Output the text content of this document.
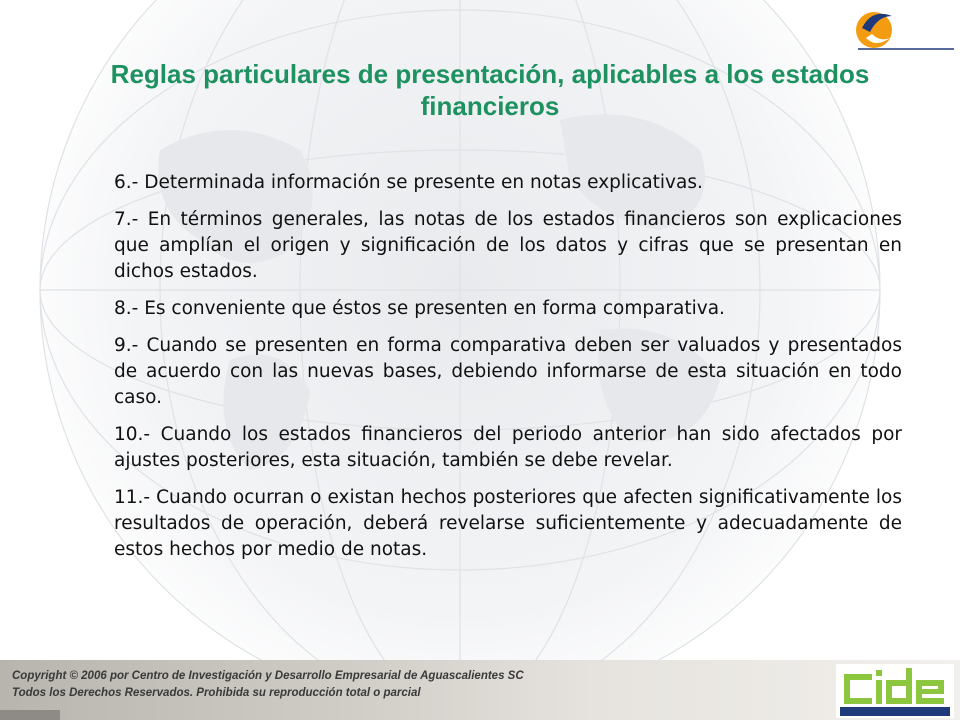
Reglas particulares de presentación, aplicables a los estados financieros

6.- Determinada información se presente en notas explicativas.

7.- En términos generales, las notas de los estados financieros son explicaciones que amplían el origen y significación de los datos y cifras que se presentan en dichos estados.

8.- Es conveniente que éstos se presenten en forma comparativa.

9.- Cuando se presenten en forma comparativa deben ser valuados y presentados de acuerdo con las nuevas bases, debiendo informarse de esta situación en todo caso.

10.- Cuando los estados financieros del periodo anterior han sido afectados por ajustes posteriores, esta situación, también se debe revelar.

11.- Cuando ocurran o existan hechos posteriores que afecten significativamente los resultados de operación, deberá revelarse suficientemente y adecuadamente de estos hechos por medio de notas.

Copyright © 2006 por Centro de Investigación y Desarrollo Empresarial de Aguascalientes SC
Todos los Derechos Reservados. Prohibida su reproducción total o parcial
